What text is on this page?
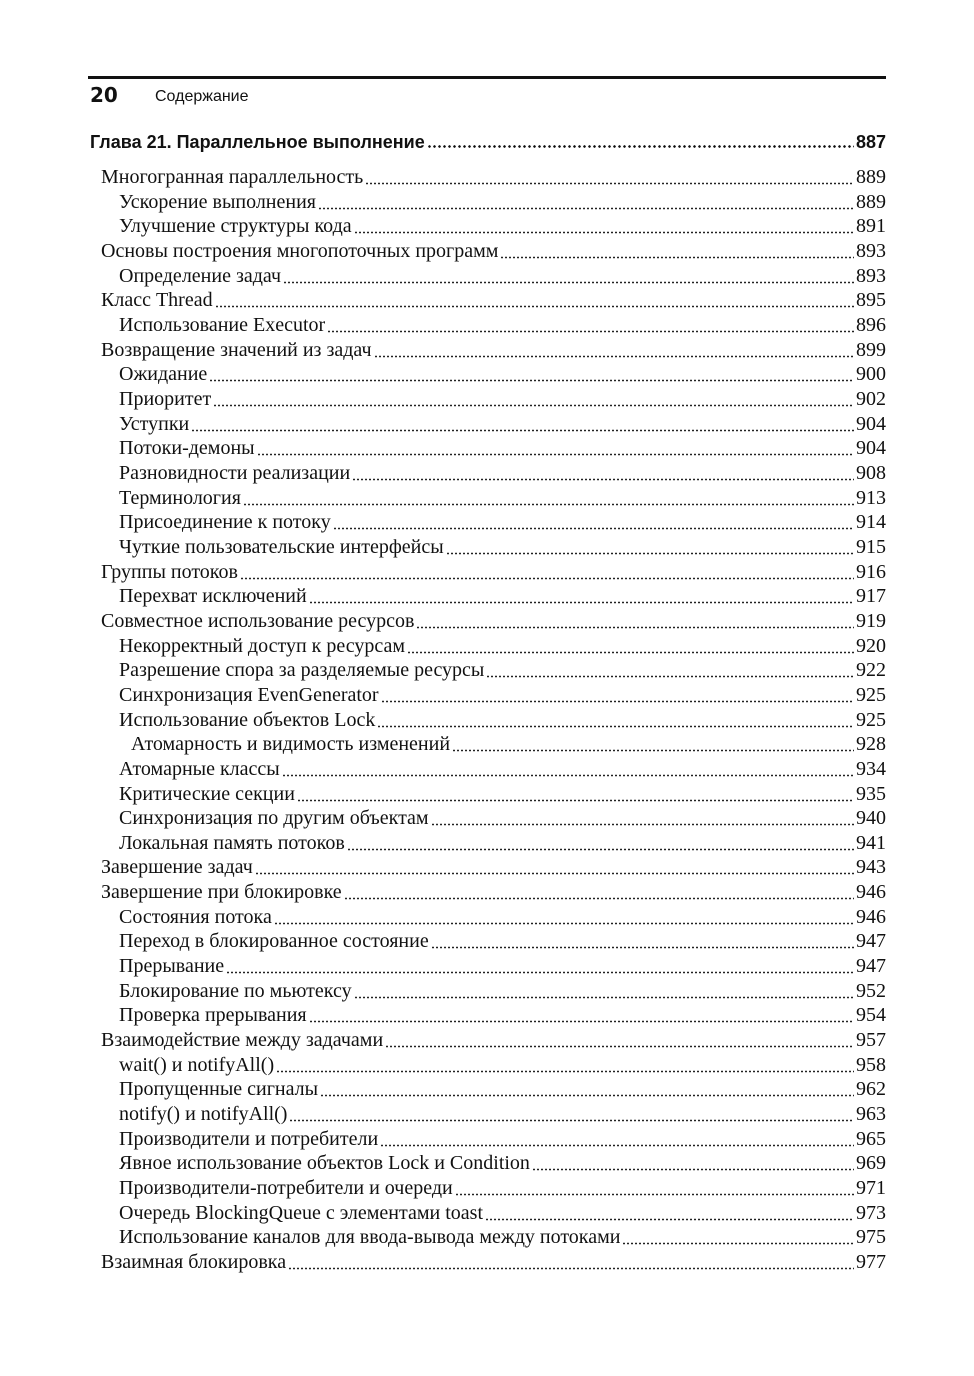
20 Содержание
Глава 21. Параллельное выполнение	887
Многогранная параллельность	889
Ускорение выполнения	889
Улучшение структуры кода	891
Основы построения многопоточных программ	893
Определение задач	893
Класс Thread	895
Использование Executor	896
Возвращение значений из задач	899
Ожидание	900
Приоритет	902
Уступки	904
Потоки-демоны	904
Разновидности реализации	908
Терминология	913
Присоединение к потоку	914
Чуткие пользовательские интерфейсы	915
Группы потоков	916
Перехват исключений	917
Совместное использование ресурсов	919
Некорректный доступ к ресурсам	920
Разрешение спора за разделяемые ресурсы	922
Синхронизация EvenGenerator	925
Использование объектов Lock	925
Атомарность и видимость изменений	928
Атомарные классы	934
Критические секции	935
Синхронизация по другим объектам	940
Локальная память потоков	941
Завершение задач	943
Завершение при блокировке	946
Состояния потока	946
Переход в блокированное состояние	947
Прерывание	947
Блокирование по мьютексу	952
Проверка прерывания	954
Взаимодействие между задачами	957
wait() и notifyAll()	958
Пропущенные сигналы	962
notify() и notifyAll()	963
Производители и потребители	965
Явное использование объектов Lock и Condition	969
Производители-потребители и очереди	971
Очередь BlockingQueue с элементами toast	973
Использование каналов для ввода-вывода между потоками	975
Взаимная блокировка	977
